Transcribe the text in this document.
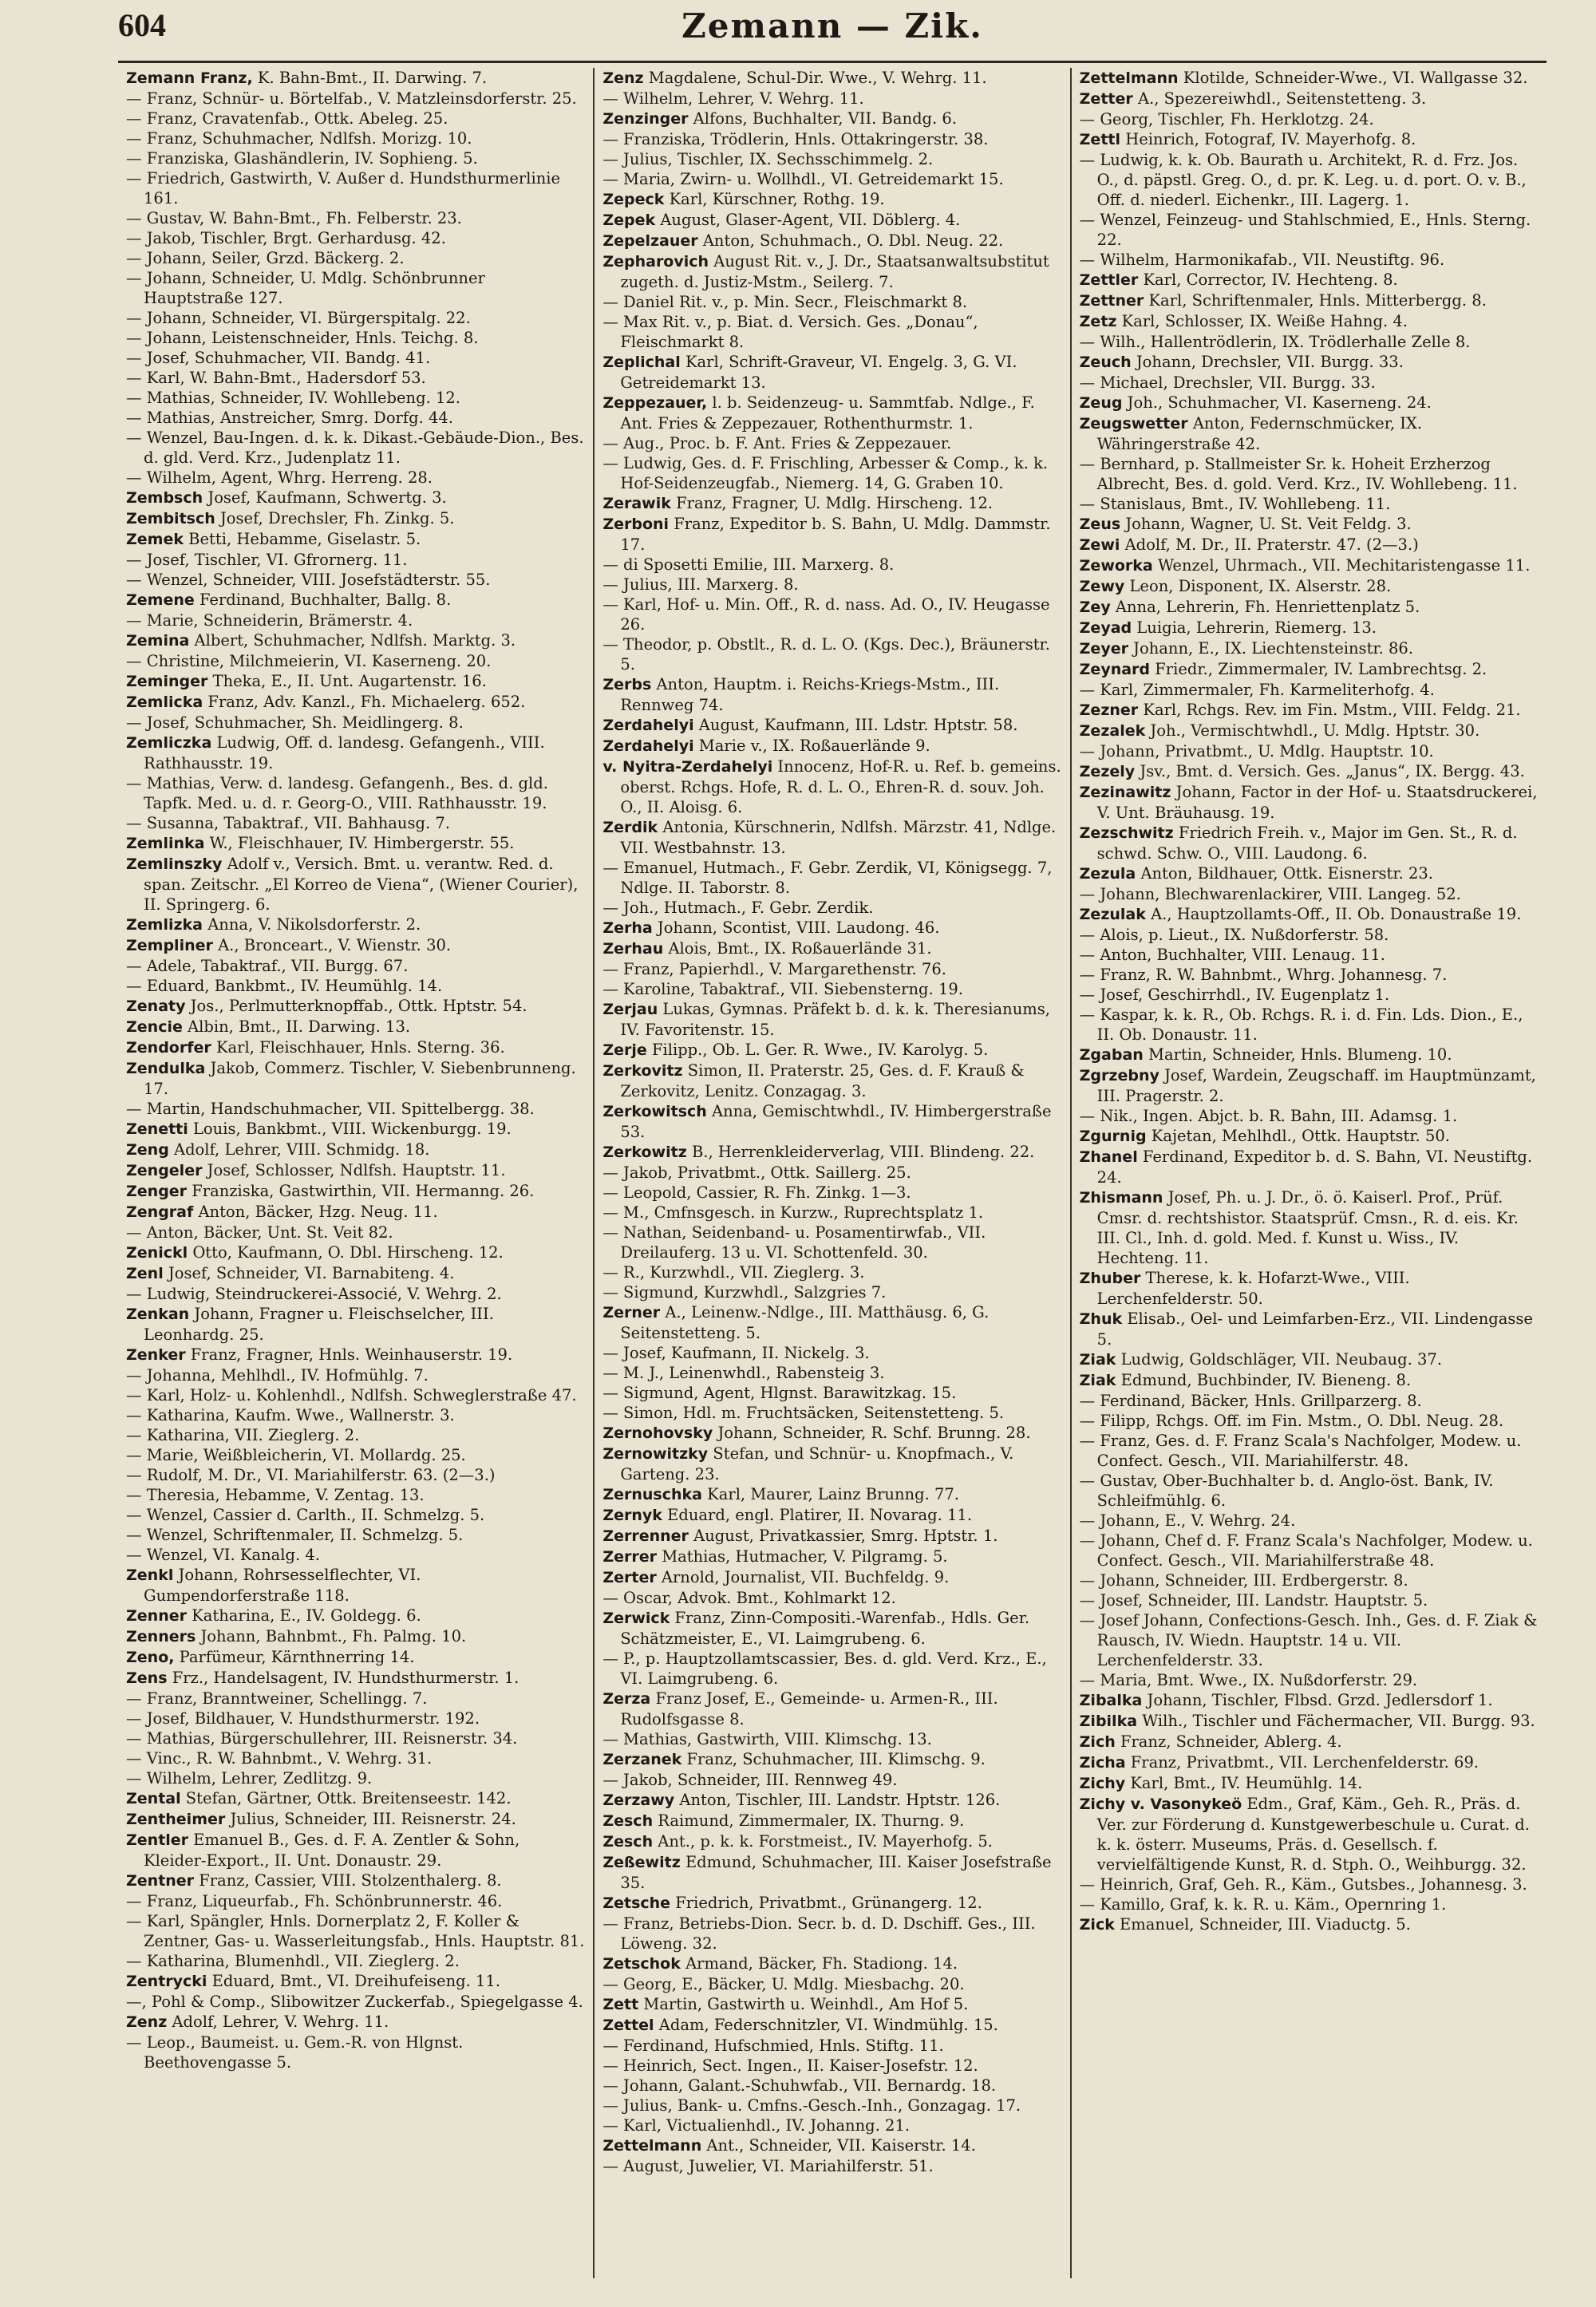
604	Zemann — Zik.

Zemann Franz, K. Bahn-Bmt., II. Darwing. 7.

— Franz, Schnür- u. Börtelfab., V. Matzleinsdorferstr. 25.

— Franz, Cravatenfab., Ottk. Abeleg. 25.

— Franz, Schuhmacher, Ndlfsh. Morizg. 10.

— Franziska, Glashändlerin, IV. Sophieng. 5.

— Friedrich, Gastwirth, V. Außer d. Hundsthurmerlinie 161.

— Gustav, W. Bahn-Bmt., Fh. Felberstr. 23.

— Jakob, Tischler, Brgt. Gerhardusg. 42.

— Johann, Seiler, Grzd. Bäckerg. 2.

— Johann, Schneider, U. Mdlg. Schönbrunner Hauptstraße 127.

— Johann, Schneider, VI. Bürgerspitalg. 22.

— Johann, Leistenschneider, Hnls. Teichg. 8.

— Josef, Schuhmacher, VII. Bandg. 41.

— Karl, W. Bahn-Bmt., Hadersdorf 53.

— Mathias, Schneider, IV. Wohllebeng. 12.

— Mathias, Anstreicher, Smrg. Dorfg. 44.

— Wenzel, Bau-Ingen. d. k. k. Dikast.-Gebäude-Dion., Bes. d. gld. Verd. Krz., Judenplatz 11.

— Wilhelm, Agent, Whrg. Herreng. 28.

Zembsch Josef, Kaufmann, Schwertg. 3.

Zembitsch Josef, Drechsler, Fh. Zinkg. 5.

Zemek Betti, Hebamme, Giselastr. 5.

— Josef, Tischler, VI. Gfrornerg. 11.

— Wenzel, Schneider, VIII. Josefstädterstr. 55.

Zemene Ferdinand, Buchhalter, Ballg. 8.

— Marie, Schneiderin, Brämerstr. 4.

Zemina Albert, Schuhmacher, Ndlfsh. Marktg. 3.

— Christine, Milchmeierin, VI. Kaserneng. 20.

Zeminger Theka, E., II. Unt. Augartenstr. 16.

Zemlicka Franz, Adv. Kanzl., Fh. Michaelerg. 652.

— Josef, Schuhmacher, Sh. Meidlingerg. 8.

Zemliczka Ludwig, Off. d. landesg. Gefangenh., VIII. Rathhausstr. 19.

— Mathias, Verw. d. landesg. Gefangenh., Bes. d. gld. Tapfk. Med. u. d. r. Georg-O., VIII. Rathhausstr. 19.

— Susanna, Tabaktraf., VII. Bahhausg. 7.

Zemlinka W., Fleischhauer, IV. Himbergerstr. 55.

Zemlinszky Adolf v., Versich. Bmt. u. verantw. Red. d. span. Zeitschr. „El Korreo de Viena“, (Wiener Courier), II. Springerg. 6.

Zemlizka Anna, V. Nikolsdorferstr. 2.

Zempliner A., Bronceart., V. Wienstr. 30.

— Adele, Tabaktraf., VII. Burgg. 67.

— Eduard, Bankbmt., IV. Heumühlg. 14.

Zenaty Jos., Perlmutterknopffab., Ottk. Hptstr. 54.

Zencie Albin, Bmt., II. Darwing. 13.

Zendorfer Karl, Fleischhauer, Hnls. Sterng. 36.

Zendulka Jakob, Commerz. Tischler, V. Siebenbrunneng. 17.

— Martin, Handschuhmacher, VII. Spittelbergg. 38.

Zenetti Louis, Bankbmt., VIII. Wickenburgg. 19.

Zeng Adolf, Lehrer, VIII. Schmidg. 18.

Zengeler Josef, Schlosser, Ndlfsh. Hauptstr. 11.

Zenger Franziska, Gastwirthin, VII. Hermanng. 26.

Zengraf Anton, Bäcker, Hzg. Neug. 11.

— Anton, Bäcker, Unt. St. Veit 82.

Zenickl Otto, Kaufmann, O. Dbl. Hirscheng. 12.

Zenl Josef, Schneider, VI. Barnabiteng. 4.

— Ludwig, Steindruckerei-Associé, V. Wehrg. 2.

Zenkan Johann, Fragner u. Fleischselcher, III. Leonhardg. 25.

Zenker Franz, Fragner, Hnls. Weinhauserstr. 19.

— Johanna, Mehlhdl., IV. Hofmühlg. 7.

— Karl, Holz- u. Kohlenhdl., Ndlfsh. Schweglerstraße 47.

— Katharina, Kaufm. Wwe., Wallnerstr. 3.

— Katharina, VII. Zieglerg. 2.

— Marie, Weißbleicherin, VI. Mollardg. 25.

— Rudolf, M. Dr., VI. Mariahilferstr. 63. (2—3.)

— Theresia, Hebamme, V. Zentag. 13.

— Wenzel, Cassier d. Carlth., II. Schmelzg. 5.

— Wenzel, Schriftenmaler, II. Schmelzg. 5.

— Wenzel, VI. Kanalg. 4.

Zenkl Johann, Rohrsesselflechter, VI. Gumpendorferstraße 118.

Zenner Katharina, E., IV. Goldegg. 6.

Zenners Johann, Bahnbmt., Fh. Palmg. 10.

Zeno, Parfümeur, Kärnthnerring 14.

Zens Frz., Handelsagent, IV. Hundsthurmerstr. 1.

— Franz, Branntweiner, Schellingg. 7.

— Josef, Bildhauer, V. Hundsthurmerstr. 192.

— Mathias, Bürgerschullehrer, III. Reisnerstr. 34.

— Vinc., R. W. Bahnbmt., V. Wehrg. 31.

— Wilhelm, Lehrer, Zedlitzg. 9.

Zental Stefan, Gärtner, Ottk. Breitenseestr. 142.

Zentheimer Julius, Schneider, III. Reisnerstr. 24.

Zentler Emanuel B., Ges. d. F. A. Zentler & Sohn, Kleider-Export., II. Unt. Donaustr. 29.

Zentner Franz, Cassier, VIII. Stolzenthalerg. 8.

— Franz, Liqueurfab., Fh. Schönbrunnerstr. 46.

— Karl, Spängler, Hnls. Dornerplatz 2, F. Koller & Zentner, Gas- u. Wasserleitungsfab., Hnls. Hauptstr. 81.

— Katharina, Blumenhdl., VII. Zieglerg. 2.

Zentrycki Eduard, Bmt., VI. Dreihufeiseng. 11.

—, Pohl & Comp., Slibowitzer Zuckerfab., Spiegelgasse 4.

Zenz Adolf, Lehrer, V. Wehrg. 11.

— Leop., Baumeist. u. Gem.-R. von Hlgnst. Beethovengasse 5.

Zenz Magdalene, Schul-Dir. Wwe., V. Wehrg. 11.

— Wilhelm, Lehrer, V. Wehrg. 11.

Zenzinger Alfons, Buchhalter, VII. Bandg. 6.

— Franziska, Trödlerin, Hnls. Ottakringerstr. 38.

— Julius, Tischler, IX. Sechsschimmelg. 2.

— Maria, Zwirn- u. Wollhdl., VI. Getreidemarkt 15.

Zepeck Karl, Kürschner, Rothg. 19.

Zepek August, Glaser-Agent, VII. Döblerg. 4.

Zepelzauer Anton, Schuhmach., O. Dbl. Neug. 22.

Zepharovich August Rit. v., J. Dr., Staatsanwaltsubstitut zugeth. d. Justiz-Mstm., Seilerg. 7.

— Daniel Rit. v., p. Min. Secr., Fleischmarkt 8.

— Max Rit. v., p. Biat. d. Versich. Ges. „Donau“, Fleischmarkt 8.

Zeplichal Karl, Schrift-Graveur, VI. Engelg. 3, G. VI. Getreidemarkt 13.

Zeppezauer, l. b. Seidenzeug- u. Sammtfab. Ndlge., F. Ant. Fries & Zeppezauer, Rothenthurmstr. 1.

— Aug., Proc. b. F. Ant. Fries & Zeppezauer.

— Ludwig, Ges. d. F. Frischling, Arbesser & Comp., k. k. Hof-Seidenzeugfab., Niemerg. 14, G. Graben 10.

Zerawik Franz, Fragner, U. Mdlg. Hirscheng. 12.

Zerboni Franz, Expeditor b. S. Bahn, U. Mdlg. Dammstr. 17.

— di Sposetti Emilie, III. Marxerg. 8.

— Julius, III. Marxerg. 8.

— Karl, Hof- u. Min. Off., R. d. nass. Ad. O., IV. Heugasse 26.

— Theodor, p. Obstlt., R. d. L. O. (Kgs. Dec.), Bräunerstr. 5.

Zerbs Anton, Hauptm. i. Reichs-Kriegs-Mstm., III. Rennweg 74.

Zerdahelyi August, Kaufmann, III. Ldstr. Hptstr. 58.

Zerdahelyi Marie v., IX. Roßauerlände 9.

v. Nyitra-Zerdahelyi Innocenz, Hof-R. u. Ref. b. gemeins. oberst. Rchgs. Hofe, R. d. L. O., Ehren-R. d. souv. Joh. O., II. Aloisg. 6.

Zerdik Antonia, Kürschnerin, Ndlfsh. Märzstr. 41, Ndlge. VII. Westbahnstr. 13.

— Emanuel, Hutmach., F. Gebr. Zerdik, VI, Königsegg. 7, Ndlge. II. Taborstr. 8.

— Joh., Hutmach., F. Gebr. Zerdik.

Zerha Johann, Scontist, VIII. Laudong. 46.

Zerhau Alois, Bmt., IX. Roßauerlände 31.

— Franz, Papierhdl., V. Margarethenstr. 76.

— Karoline, Tabaktraf., VII. Siebensterng. 19.

Zerjau Lukas, Gymnas. Präfekt b. d. k. k. Theresianums, IV. Favoritenstr. 15.

Zerje Filipp., Ob. L. Ger. R. Wwe., IV. Karolyg. 5.

Zerkovitz Simon, II. Praterstr. 25, Ges. d. F. Krauß & Zerkovitz, Lenitz. Conzagag. 3.

Zerkowitsch Anna, Gemischtwhdl., IV. Himbergerstraße 53.

Zerkowitz B., Herrenkleiderverlag, VIII. Blindeng. 22.

— Jakob, Privatbmt., Ottk. Saillerg. 25.

— Leopold, Cassier, R. Fh. Zinkg. 1—3.

— M., Cmfnsgesch. in Kurzw., Ruprechtsplatz 1.

— Nathan, Seidenband- u. Posamentirwfab., VII. Dreilauferg. 13 u. VI. Schottenfeld. 30.

— R., Kurzwhdl., VII. Zieglerg. 3.

— Sigmund, Kurzwhdl., Salzgries 7.

Zerner A., Leinenw.-Ndlge., III. Matthäusg. 6, G. Seitenstetteng. 5.

— Josef, Kaufmann, II. Nickelg. 3.

— M. J., Leinenwhdl., Rabensteig 3.

— Sigmund, Agent, Hlgnst. Barawitzkag. 15.

— Simon, Hdl. m. Fruchtsäcken, Seitenstetteng. 5.

Zernohovsky Johann, Schneider, R. Schf. Brunng. 28.

Zernowitzky Stefan, und Schnür- u. Knopfmach., V. Garteng. 23.

Zernuschka Karl, Maurer, Lainz Brunng. 77.

Zernyk Eduard, engl. Platirer, II. Novarag. 11.

Zerrenner August, Privatkassier, Smrg. Hptstr. 1.

Zerrer Mathias, Hutmacher, V. Pilgramg. 5.

Zerter Arnold, Journalist, VII. Buchfeldg. 9.

— Oscar, Advok. Bmt., Kohlmarkt 12.

Zerwick Franz, Zinn-Compositi.-Warenfab., Hdls. Ger. Schätzmeister, E., VI. Laimgrubeng. 6.

— P., p. Hauptzollamtscassier, Bes. d. gld. Verd. Krz., E., VI. Laimgrubeng. 6.

Zerza Franz Josef, E., Gemeinde- u. Armen-R., III. Rudolfsgasse 8.

— Mathias, Gastwirth, VIII. Klimschg. 13.

Zerzanek Franz, Schuhmacher, III. Klimschg. 9.

— Jakob, Schneider, III. Rennweg 49.

Zerzawy Anton, Tischler, III. Landstr. Hptstr. 126.

Zesch Raimund, Zimmermaler, IX. Thurng. 9.

Zesch Ant., p. k. k. Forstmeist., IV. Mayerhofg. 5.

Zeßewitz Edmund, Schuhmacher, III. Kaiser Josefstraße 35.

Zetsche Friedrich, Privatbmt., Grünangerg. 12.

— Franz, Betriebs-Dion. Secr. b. d. D. Dschiff. Ges., III. Löweng. 32.

Zetschok Armand, Bäcker, Fh. Stadiong. 14.

— Georg, E., Bäcker, U. Mdlg. Miesbachg. 20.

Zett Martin, Gastwirth u. Weinhdl., Am Hof 5.

Zettel Adam, Federschnitzler, VI. Windmühlg. 15.

— Ferdinand, Hufschmied, Hnls. Stiftg. 11.

— Heinrich, Sect. Ingen., II. Kaiser-Josefstr. 12.

— Johann, Galant.-Schuhwfab., VII. Bernardg. 18.

— Julius, Bank- u. Cmfns.-Gesch.-Inh., Gonzagag. 17.

— Karl, Victualienhdl., IV. Johanng. 21.

Zettelmann Ant., Schneider, VII. Kaiserstr. 14.

— August, Juwelier, VI. Mariahilferstr. 51.

Zettelmann Klotilde, Schneider-Wwe., VI. Wallgasse 32.

Zetter A., Spezereiwhdl., Seitenstetteng. 3.

— Georg, Tischler, Fh. Herklotzg. 24.

Zettl Heinrich, Fotograf, IV. Mayerhofg. 8.

— Ludwig, k. k. Ob. Baurath u. Architekt, R. d. Frz. Jos. O., d. päpstl. Greg. O., d. pr. K. Leg. u. d. port. O. v. B., Off. d. niederl. Eichenkr., III. Lagerg. 1.

— Wenzel, Feinzeug- und Stahlschmied, E., Hnls. Sterng. 22.

— Wilhelm, Harmonikafab., VII. Neustiftg. 96.

Zettler Karl, Corrector, IV. Hechteng. 8.

Zettner Karl, Schriftenmaler, Hnls. Mitterbergg. 8.

Zetz Karl, Schlosser, IX. Weiße Hahng. 4.

— Wilh., Hallentrödlerin, IX. Trödlerhalle Zelle 8.

Zeuch Johann, Drechsler, VII. Burgg. 33.

— Michael, Drechsler, VII. Burgg. 33.

Zeug Joh., Schuhmacher, VI. Kaserneng. 24.

Zeugswetter Anton, Federnschmücker, IX. Währingerstraße 42.

— Bernhard, p. Stallmeister Sr. k. Hoheit Erzherzog Albrecht, Bes. d. gold. Verd. Krz., IV. Wohllebeng. 11.

— Stanislaus, Bmt., IV. Wohllebeng. 11.

Zeus Johann, Wagner, U. St. Veit Feldg. 3.

Zewi Adolf, M. Dr., II. Praterstr. 47. (2—3.)

Zeworka Wenzel, Uhrmach., VII. Mechitaristengasse 11.

Zewy Leon, Disponent, IX. Alserstr. 28.

Zey Anna, Lehrerin, Fh. Henriettenplatz 5.

Zeyad Luigia, Lehrerin, Riemerg. 13.

Zeyer Johann, E., IX. Liechtensteinstr. 86.

Zeynard Friedr., Zimmermaler, IV. Lambrechtsg. 2.

— Karl, Zimmermaler, Fh. Karmeliterhofg. 4.

Zezner Karl, Rchgs. Rev. im Fin. Mstm., VIII. Feldg. 21.

Zezalek Joh., Vermischtwhdl., U. Mdlg. Hptstr. 30.

— Johann, Privatbmt., U. Mdlg. Hauptstr. 10.

Zezely Jsv., Bmt. d. Versich. Ges. „Janus“, IX. Bergg. 43.

Zezinawitz Johann, Factor in der Hof- u. Staatsdruckerei, V. Unt. Bräuhausg. 19.

Zezschwitz Friedrich Freih. v., Major im Gen. St., R. d. schwd. Schw. O., VIII. Laudong. 6.

Zezula Anton, Bildhauer, Ottk. Eisnerstr. 23.

— Johann, Blechwarenlackirer, VIII. Langeg. 52.

Zezulak A., Hauptzollamts-Off., II. Ob. Donaustraße 19.

— Alois, p. Lieut., IX. Nußdorferstr. 58.

— Anton, Buchhalter, VIII. Lenaug. 11.

— Franz, R. W. Bahnbmt., Whrg. Johannesg. 7.

— Josef, Geschirrhdl., IV. Eugenplatz 1.

— Kaspar, k. k. R., Ob. Rchgs. R. i. d. Fin. Lds. Dion., E., II. Ob. Donaustr. 11.

Zgaban Martin, Schneider, Hnls. Blumeng. 10.

Zgrzebny Josef, Wardein, Zeugschaff. im Hauptmünzamt, III. Pragerstr. 2.

— Nik., Ingen. Abjct. b. R. Bahn, III. Adamsg. 1.

Zgurnig Kajetan, Mehlhdl., Ottk. Hauptstr. 50.

Zhanel Ferdinand, Expeditor b. d. S. Bahn, VI. Neustiftg. 24.

Zhismann Josef, Ph. u. J. Dr., ö. ö. Kaiserl. Prof., Prüf. Cmsr. d. rechtshistor. Staatsprüf. Cmsn., R. d. eis. Kr. III. Cl., Inh. d. gold. Med. f. Kunst u. Wiss., IV. Hechteng. 11.

Zhuber Therese, k. k. Hofarzt-Wwe., VIII. Lerchenfelderstr. 50.

Zhuk Elisab., Oel- und Leimfarben-Erz., VII. Lindengasse 5.

Ziak Ludwig, Goldschläger, VII. Neubaug. 37.

Ziak Edmund, Buchbinder, IV. Bieneng. 8.

— Ferdinand, Bäcker, Hnls. Grillparzerg. 8.

— Filipp, Rchgs. Off. im Fin. Mstm., O. Dbl. Neug. 28.

— Franz, Ges. d. F. Franz Scala's Nachfolger, Modew. u. Confect. Gesch., VII. Mariahilferstr. 48.

— Gustav, Ober-Buchhalter b. d. Anglo-öst. Bank, IV. Schleifmühlg. 6.

— Johann, E., V. Wehrg. 24.

— Johann, Chef d. F. Franz Scala's Nachfolger, Modew. u. Confect. Gesch., VII. Mariahilferstraße 48.

— Johann, Schneider, III. Erdbergerstr. 8.

— Josef, Schneider, III. Landstr. Hauptstr. 5.

— Josef Johann, Confections-Gesch. Inh., Ges. d. F. Ziak & Rausch, IV. Wiedn. Hauptstr. 14 u. VII. Lerchenfelderstr. 33.

— Maria, Bmt. Wwe., IX. Nußdorferstr. 29.

Zibalka Johann, Tischler, Flbsd. Grzd. Jedlersdorf 1.

Zibilka Wilh., Tischler und Fächermacher, VII. Burgg. 93.

Zich Franz, Schneider, Ablerg. 4.

Zicha Franz, Privatbmt., VII. Lerchenfelderstr. 69.

Zichy Karl, Bmt., IV. Heumühlg. 14.

Zichy v. Vasonykeö Edm., Graf, Käm., Geh. R., Präs. d. Ver. zur Förderung d. Kunstgewerbeschule u. Curat. d. k. k. österr. Museums, Präs. d. Gesellsch. f. vervielfältigende Kunst, R. d. Stph. O., Weihburgg. 32.

— Heinrich, Graf, Geh. R., Käm., Gutsbes., Johannesg. 3.

— Kamillo, Graf, k. k. R. u. Käm., Opernring 1.

Zick Emanuel, Schneider, III. Viaductg. 5.
